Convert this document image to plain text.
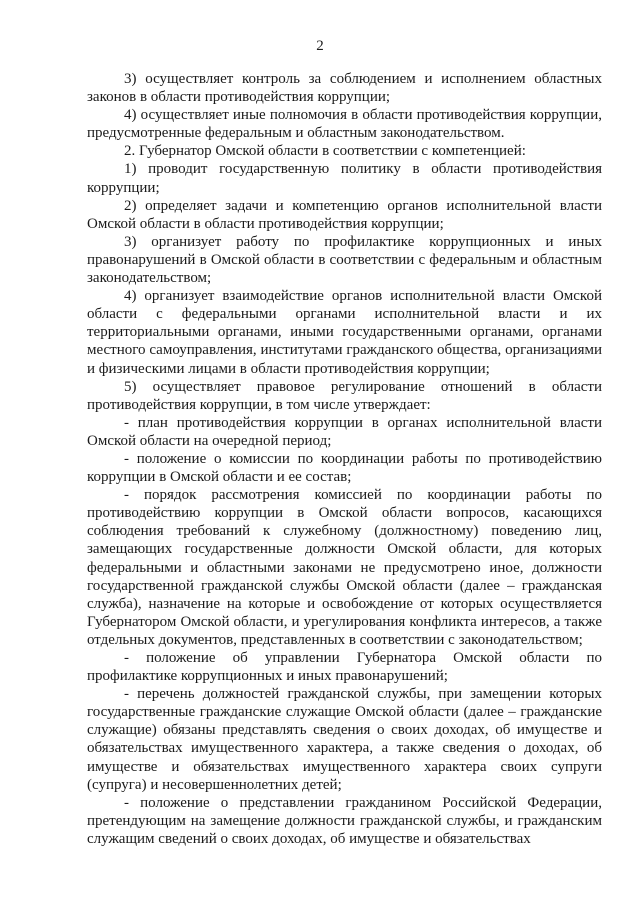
2

3) осуществляет контроль за соблюдением и исполнением областных законов в области противодействия коррупции;

4) осуществляет иные полномочия в области противодействия коррупции, предусмотренные федеральным и областным законодательством.

2. Губернатор Омской области в соответствии с компетенцией:

1) проводит государственную политику в области противодействия коррупции;

2) определяет задачи и компетенцию органов исполнительной власти Омской области в области противодействия коррупции;

3) организует работу по профилактике коррупционных и иных правонарушений в Омской области в соответствии с федеральным и областным законодательством;

4) организует взаимодействие органов исполнительной власти Омской области с федеральными органами исполнительной власти и их территориальными органами, иными государственными органами, органами местного самоуправления, институтами гражданского общества, организациями и физическими лицами в области противодействия коррупции;

5) осуществляет правовое регулирование отношений в области противодействия коррупции, в том числе утверждает:

- план противодействия коррупции в органах исполнительной власти Омской области на очередной период;

- положение о комиссии по координации работы по противодействию коррупции в Омской области и ее состав;

- порядок рассмотрения комиссией по координации работы по противодействию коррупции в Омской области вопросов, касающихся соблюдения требований к служебному (должностному) поведению лиц, замещающих государственные должности Омской области, для которых федеральными и областными законами не предусмотрено иное, должности государственной гражданской службы Омской области (далее – гражданская служба), назначение на которые и освобождение от которых осуществляется Губернатором Омской области, и урегулирования конфликта интересов, а также отдельных документов, представленных в соответствии с законодательством;

- положение об управлении Губернатора Омской области по профилактике коррупционных и иных правонарушений;

- перечень должностей гражданской службы, при замещении которых государственные гражданские служащие Омской области (далее – гражданские служащие) обязаны представлять сведения о своих доходах, об имуществе и обязательствах имущественного характера, а также сведения о доходах, об имуществе и обязательствах имущественного характера своих супруги (супруга) и несовершеннолетних детей;

- положение о представлении гражданином Российской Федерации, претендующим на замещение должности гражданской службы, и гражданским служащим сведений о своих доходах, об имуществе и обязательствах
